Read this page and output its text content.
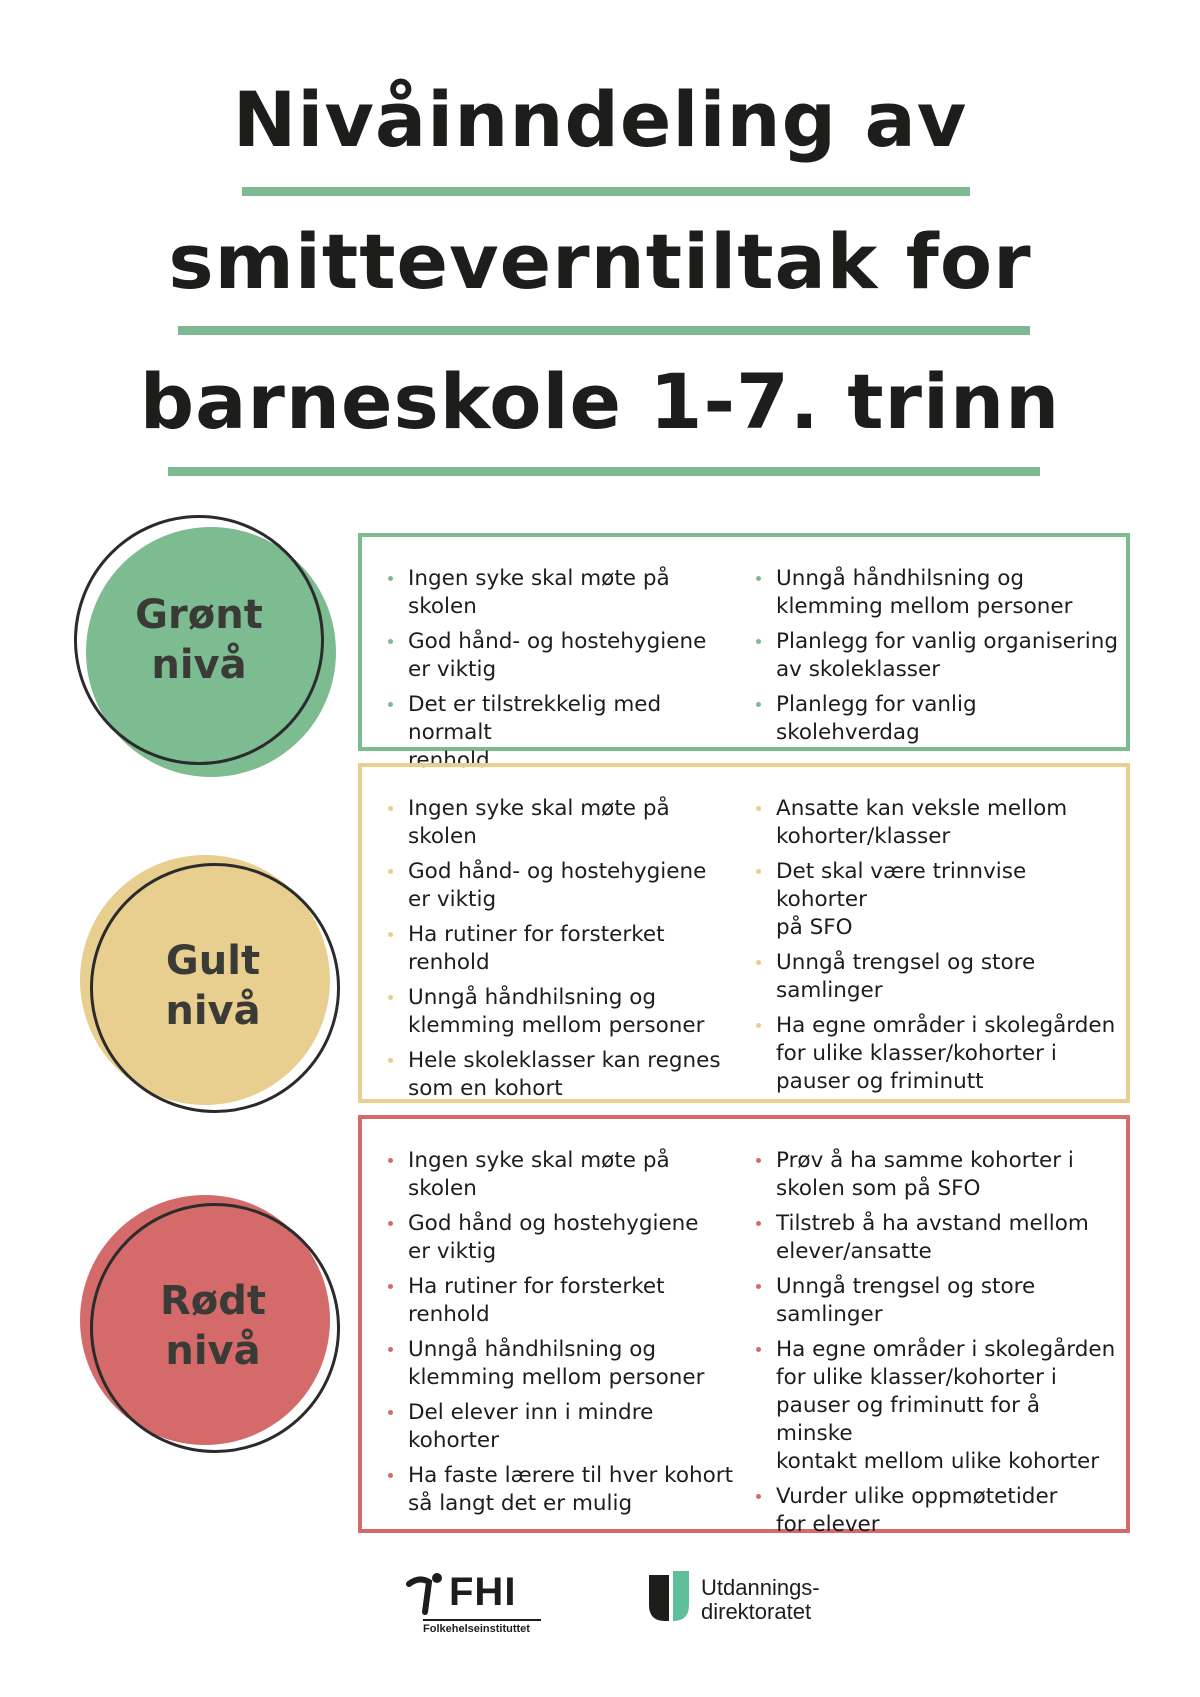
Nivåinndeling av
smitteverntiltak for
barneskole 1-7. trinn
Grønt
nivå
Ingen syke skal møte på skolen
God hånd- og hostehygiene
er viktig
Det er tilstrekkelig med normalt
renhold
Unngå håndhilsning og
klemming mellom personer
Planlegg for vanlig organisering
av skoleklasser
Planlegg for vanlig skolehverdag
Gult
nivå
Ingen syke skal møte på skolen
God hånd- og hostehygiene
er viktig
Ha rutiner for forsterket
renhold
Unngå håndhilsning og
klemming mellom personer
Hele skoleklasser kan regnes
som en kohort
Ansatte kan veksle mellom
kohorter/klasser
Det skal være trinnvise kohorter
på SFO
Unngå trengsel og store
samlinger
Ha egne områder i skolegården
for ulike klasser/kohorter i
pauser og friminutt
Rødt
nivå
Ingen syke skal møte på skolen
God hånd og hostehygiene
er viktig
Ha rutiner for forsterket
renhold
Unngå håndhilsning og
klemming mellom personer
Del elever inn i mindre kohorter
Ha faste lærere til hver kohort
så langt det er mulig
Prøv å ha samme kohorter i
skolen som på SFO
Tilstreb å ha avstand mellom
elever/ansatte
Unngå trengsel og store
samlinger
Ha egne områder i skolegården
for ulike klasser/kohorter i
pauser og friminutt for å minske
kontakt mellom ulike kohorter
Vurder ulike oppmøtetider
for elever
FHI
Folkehelseinstituttet
Utdannings-
direktoratet
